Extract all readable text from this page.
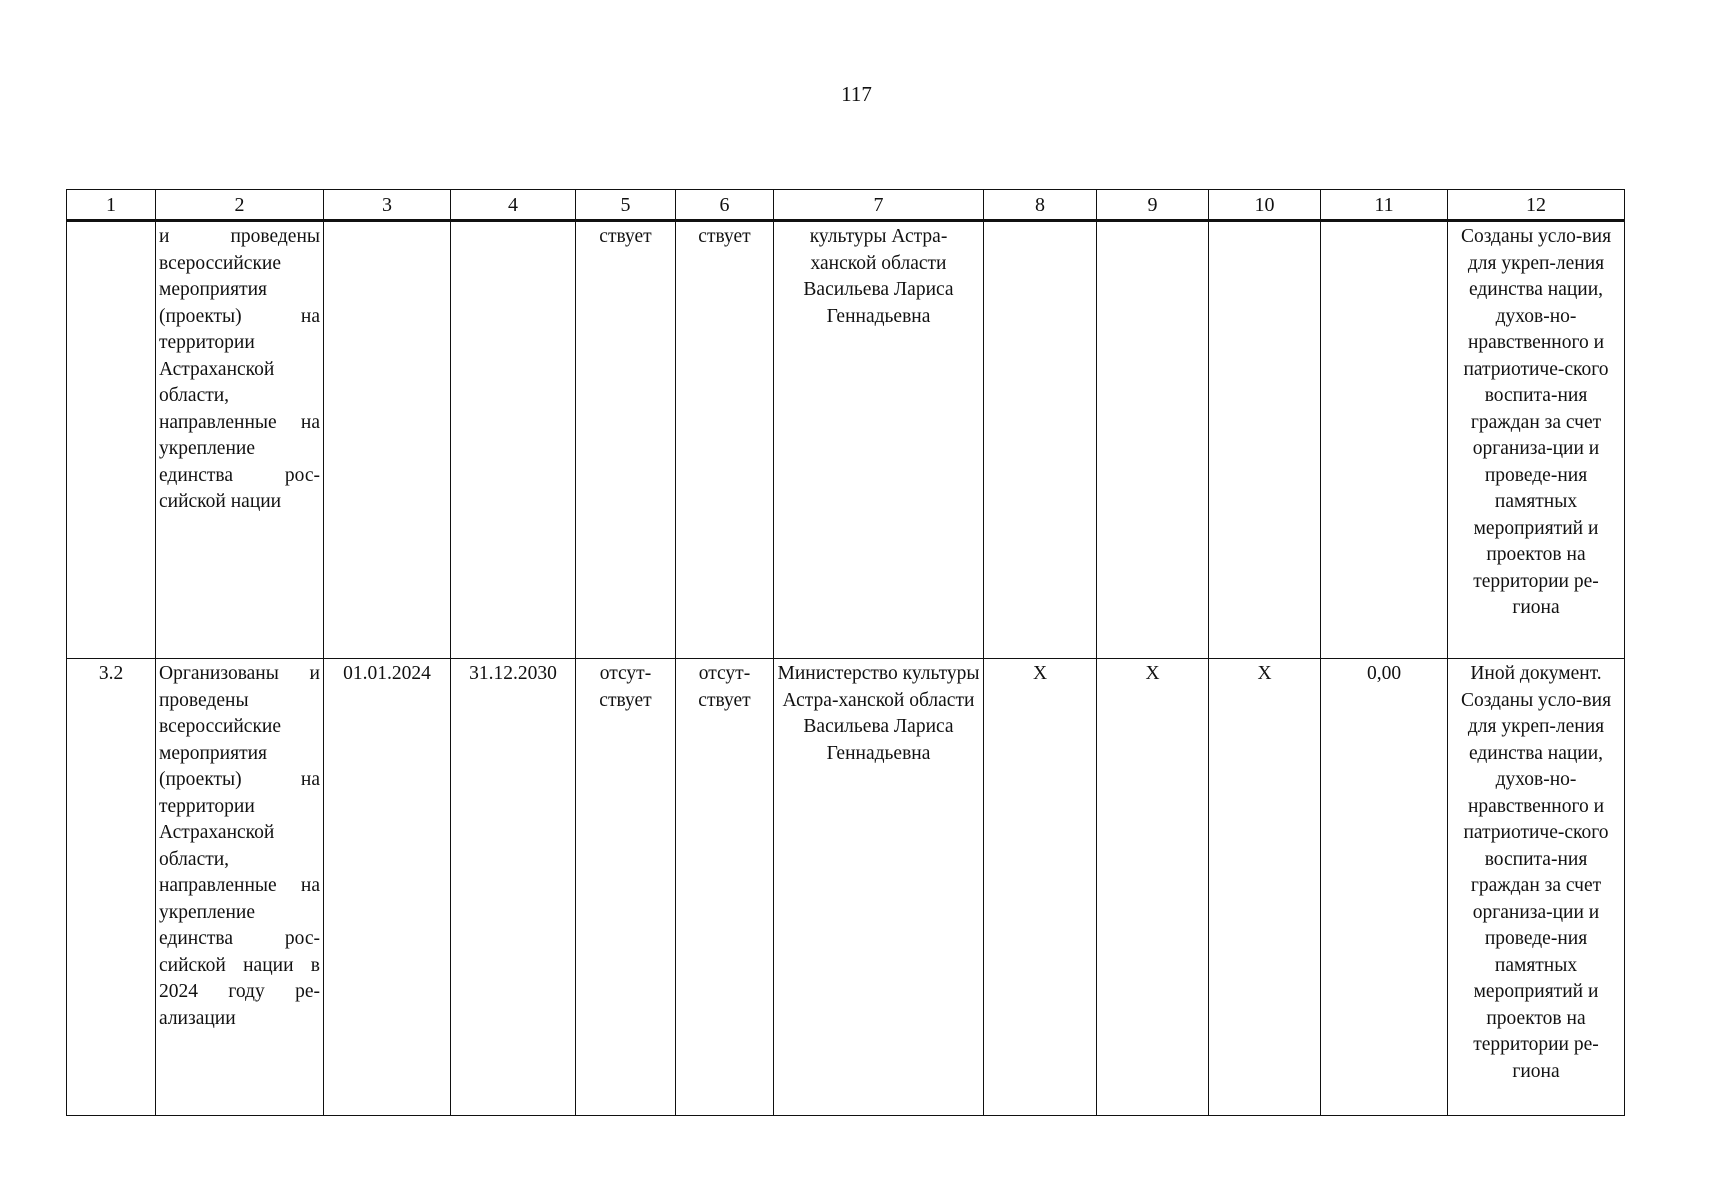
117
1	2	3	4	5	6	7	8	9	10	11	12
	и проведены всероссийские мероприятия (проекты) на территории Астраханской области, направленные на укрепление единства рос-сийской нации			ствует	ствует	культуры Астра-ханской области Васильева Лариса Геннадьевна					Созданы усло-вия для укреп-ления единства нации, духов-но-нравственного и патриотиче-ского воспита-ния граждан за счет организа-ции и проведе-ния памятных мероприятий и проектов на территории ре-гиона
3.2	Организованы и проведены всероссийские мероприятия (проекты) на территории Астраханской области, направленные на укрепление единства рос-сийской нации в 2024 году ре-ализации	01.01.2024	31.12.2030	отсут-ствует	отсут-ствует	Министерство культуры Астра-ханской области Васильева Лариса Геннадьевна	Х	Х	Х	0,00	Иной документ. Созданы усло-вия для укреп-ления единства нации, духов-но-нравственного и патриотиче-ского воспита-ния граждан за счет организа-ции и проведе-ния памятных мероприятий и проектов на территории ре-гиона
